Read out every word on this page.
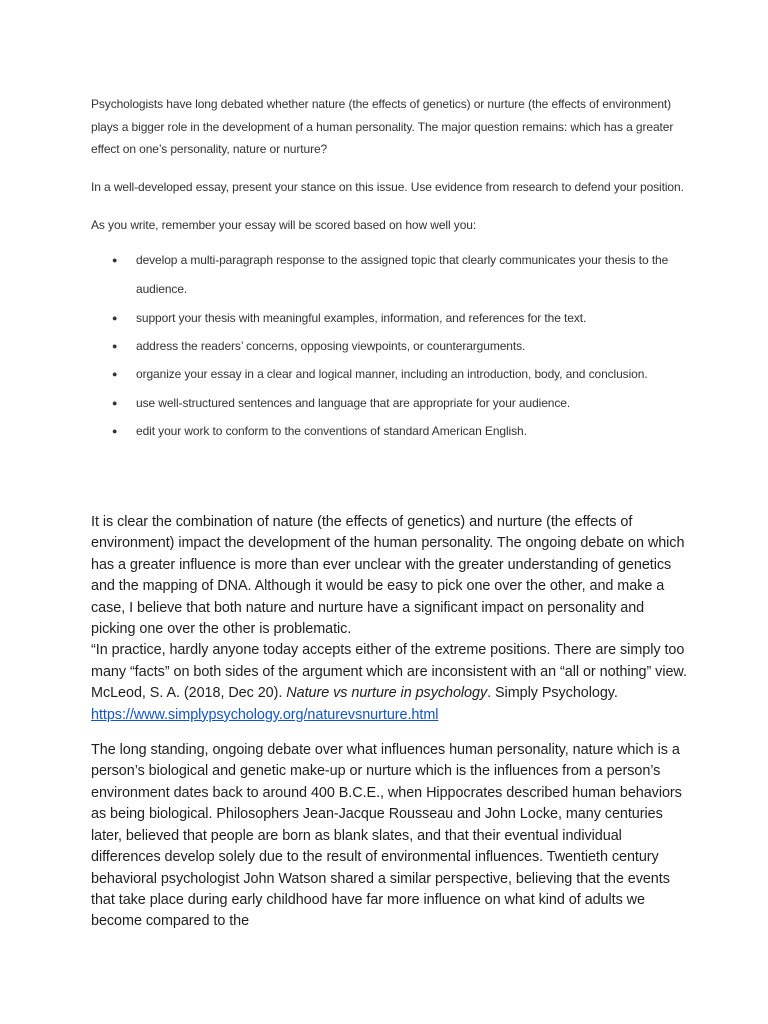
Psychologists have long debated whether nature (the effects of genetics) or nurture (the effects of environment) plays a bigger role in the development of a human personality. The major question remains: which has a greater effect on one’s personality, nature or nurture?

In a well-developed essay, present your stance on this issue. Use evidence from research to defend your position.

As you write, remember your essay will be scored based on how well you:

● develop a multi-paragraph response to the assigned topic that clearly communicates your thesis to the audience.
● support your thesis with meaningful examples, information, and references for the text.
● address the readers’ concerns, opposing viewpoints, or counterarguments.
● organize your essay in a clear and logical manner, including an introduction, body, and conclusion.
● use well-structured sentences and language that are appropriate for your audience.
● edit your work to conform to the conventions of standard American English.

It is clear the combination of nature (the effects of genetics) and nurture (the effects of environment) impact the development of the human personality. The ongoing debate on which has a greater influence is more than ever unclear with the greater understanding of genetics and the mapping of DNA. Although it would be easy to pick one over the other, and make a case, I believe that both nature and nurture have a significant impact on personality and picking one over the other is problematic.

“In practice, hardly anyone today accepts either of the extreme positions. There are simply too many “facts” on both sides of the argument which are inconsistent with an “all or nothing” view. McLeod, S. A. (2018, Dec 20). Nature vs nurture in psychology. Simply Psychology. https://www.simplypsychology.org/naturevsnurture.html

The long standing, ongoing debate over what influences human personality, nature which is a person’s biological and genetic make-up or nurture which is the influences from a person’s environment dates back to around 400 B.C.E., when Hippocrates described human behaviors as being biological. Philosophers Jean-Jacque Rousseau and John Locke, many centuries later, believed that people are born as blank slates, and that their eventual individual differences develop solely due to the result of environmental influences. Twentieth century behavioral psychologist John Watson shared a similar perspective, believing that the events that take place during early childhood have far more influence on what kind of adults we become compared to the
